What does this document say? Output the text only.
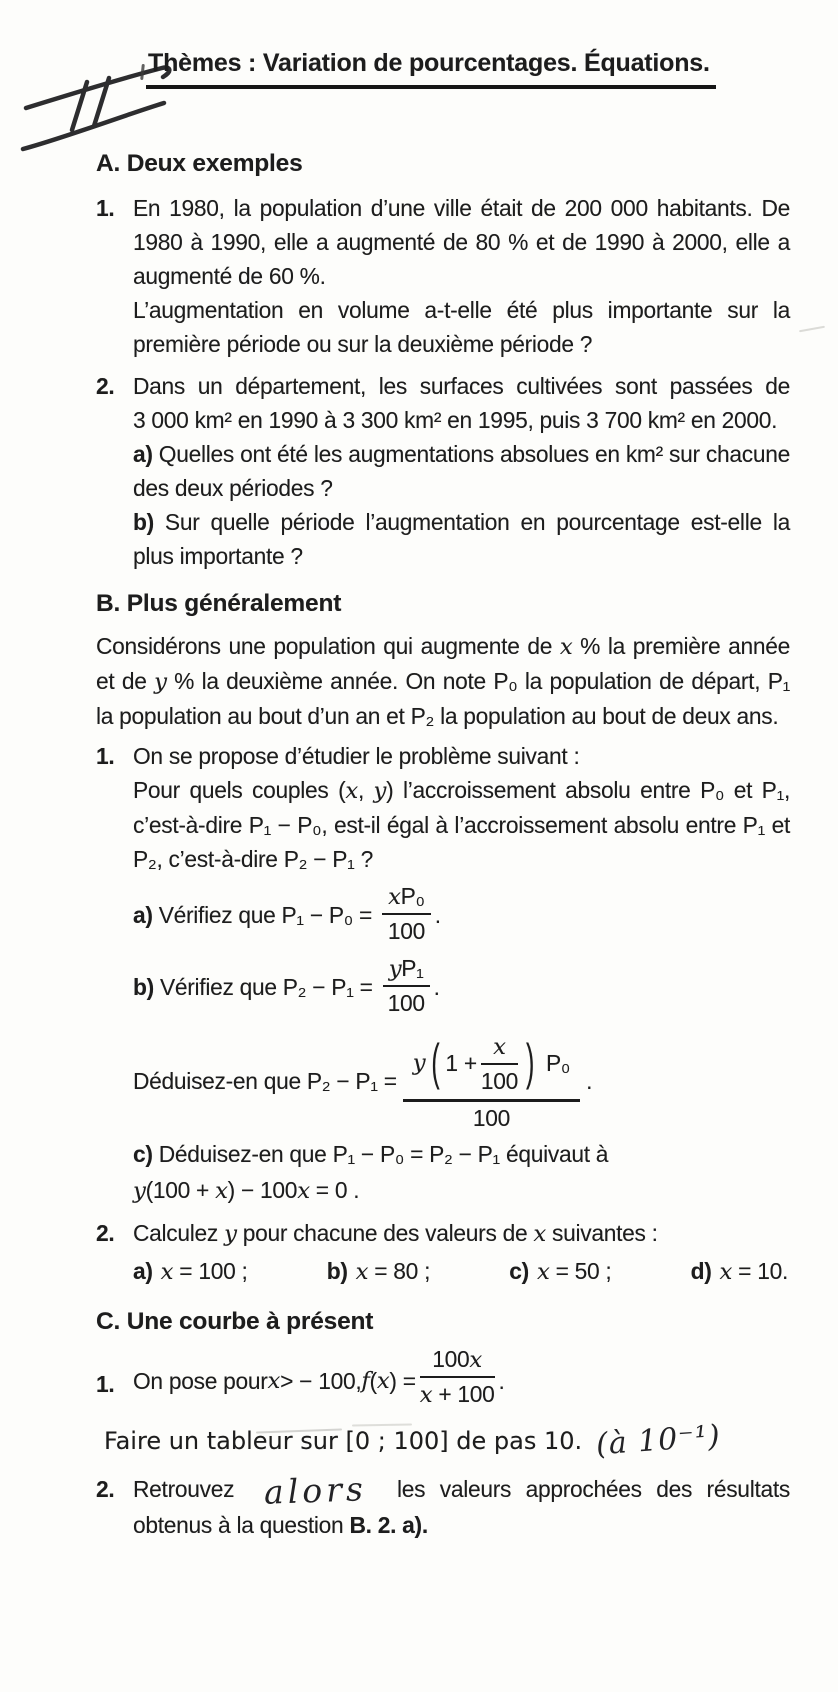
Thèmes : Variation de pourcentages. Équations.
A. Deux exemples
1. En 1980, la population d’une ville était de 200 000 habitants. De 1980 à 1990, elle a augmenté de 80 % et de 1990 à 2000, elle a augmenté de 60 %.

L’augmentation en volume a-t-elle été plus importante sur la première période ou sur la deuxième période ?

2. Dans un département, les surfaces cultivées sont passées de 3 000 km² en 1990 à 3 300 km² en 1995, puis 3 700 km² en 2000.

a) Quelles ont été les augmentations absolues en km² sur chacune des deux périodes ?

b) Sur quelle période l’augmentation en pourcentage est-elle la plus importante ?

B. Plus généralement

Considérons une population qui augmente de x % la première année et de y % la deuxième année. On note P₀ la population de départ, P₁ la population au bout d’un an et P₂ la population au bout de deux ans.

1. On se propose d’étudier le problème suivant :

Pour quels couples (x, y) l’accroissement absolu entre P₀ et P₁, c’est-à-dire P₁ − P₀, est-il égal à l’accroissement absolu entre P₁ et P₂, c’est-à-dire P₂ − P₁ ?

a) Vérifiez que $P_1 - P_0 = \frac{\text{xP₀}}{100}$ .

b) Vérifiez que $P_2 - P_1 = \frac{\text{yP₁}}{100}$ .

Déduisez-en que $P_2 - P_1 = \frac{y ( 1 + \frac{x}{100} ) P_0}{100}$ .

c) Déduisez-en que P₁ − P₀ = P₂ − P₁ équivaut à

y(100 + x) − 100x = 0 .

2. Calculez y pour chacune des valeurs de x suivantes :

a) x = 100 ;	b) x = 80 ;	c) x = 50 ;	d) x = 10.
C. Une courbe à présent
1. On pose pour x > − 100, f ( x ) = $\frac{100x}{x + 100}$ .

Faire un tableur sur [0 ; 100] de pas 10. (à 10⁻¹)

2. Retrouvez alors les valeurs approchées des résultats obtenus à la question B. 2. a).
